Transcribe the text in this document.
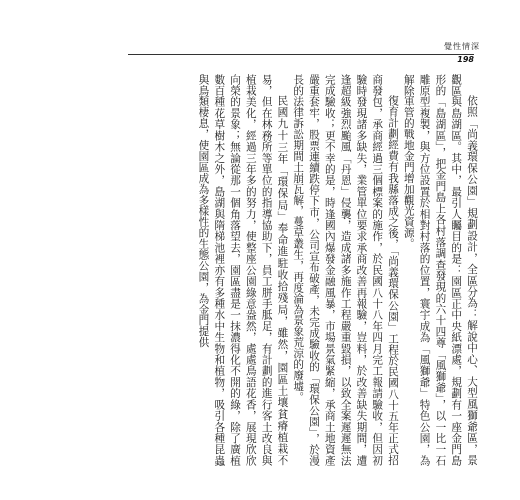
覺性情深
198

依照「尚義環保公園」規劃設計，全區分為：解說中心、大型風獅爺區，景觀區與島湖區。其中，最引人矚目的是：園區正中央紙漂處，規劃有一座金門島形的「島湖區」，把金門島上各村落調查發現的六十四尊「風獅爺」，以一比一石雕原型複製，與方位設置於相對村落的位置，寰宇成為「風獅爺」特色公園，為解除軍管的戰地金門增加觀光資源。

復育計劃經費有我縣落成之後，「尚義環保公園」工程於民國八十五年正式招商發包，承商經過三個標案的施作，於民國八十八年四月完工報請驗收，但因初驗時發現諸多缺失，業管單位要求承商改善再報驗，豈料，於改善缺失期間，遭逢超級強烈颱風「丹恩」侵襲，造成諸多施作工程嚴重毀損，以致全案遲遲無法完成驗收；更不幸的是，時逢國內爆發金融風暴，市場景氣緊縮，承商土地資產嚴重套牢，股票連續跌停下市，公司宣布破產，未完成驗收的「環保公園」，於漫長的法律訴訟期間土崩瓦解，蔓草叢生，再度淪為景象荒涼的廢墟。

民國九十三年「環保局」奉命進駐收拾殘局，雖然，園區土壤貧瘠植栽不易，但在林務所等單位的指導協助下，員工胼手胝足，有計劃的進行客土改良與植栽美化，經過三年多的努力，使整座公園綠意盎然，處處鳥語花香，展現欣欣向榮的景象；無論從那一個角落望去，園區盡是一抹濃得化不開的綠，除了廣植數百種花草樹木之外，島湖與隋梯池裡亦有多種水中生物和植物，吸引各種昆蟲與鳥類棲息，使園區成為多樣性的生態公園，為金門提供
